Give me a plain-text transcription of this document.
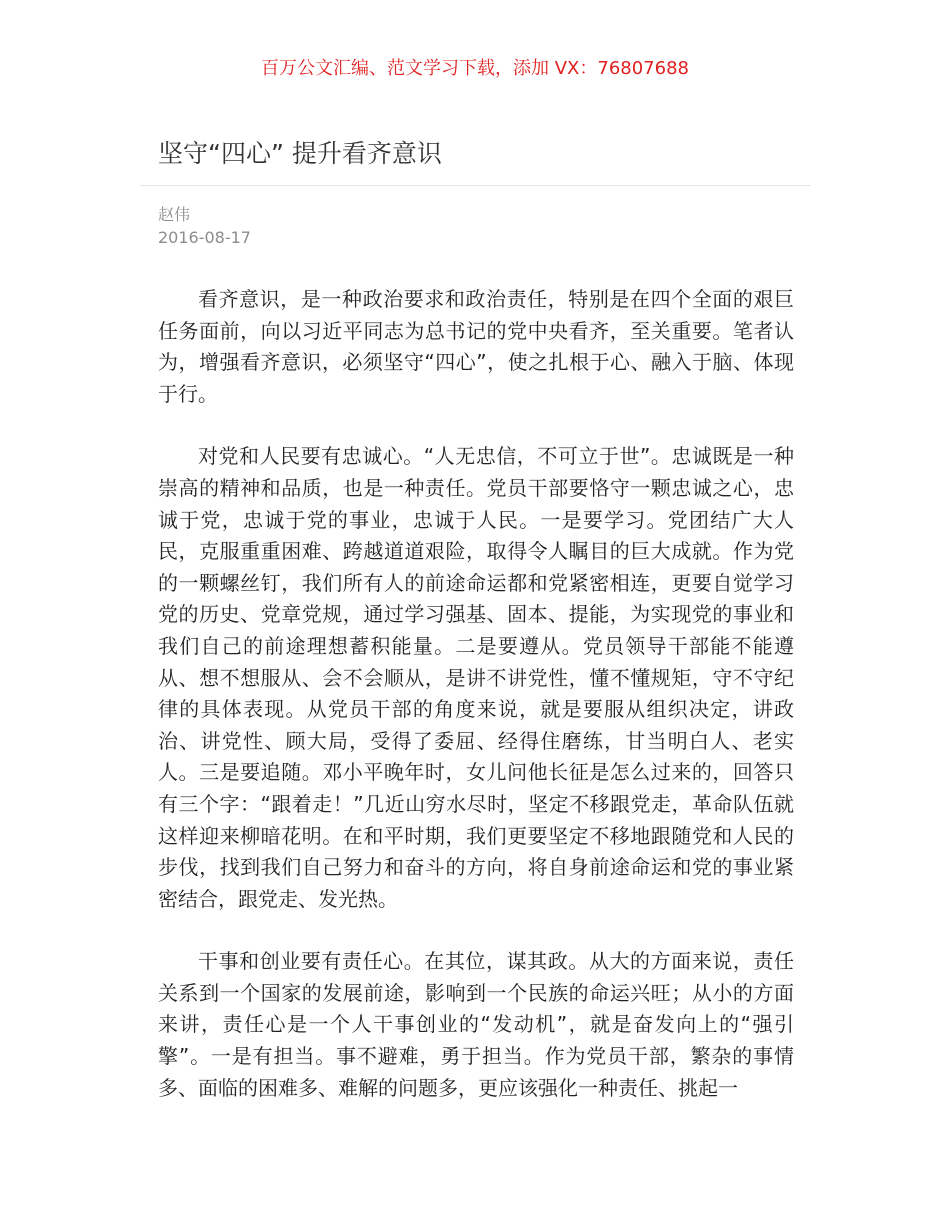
百万公文汇编、范文学习下载，添加 VX：76807688
坚守“四心” 提升看齐意识
赵伟
2016-08-17

看齐意识，是一种政治要求和政治责任，特别是在四个全面的艰巨任务面前，向以习近平同志为总书记的党中央看齐，至关重要。笔者认为，增强看齐意识，必须坚守“四心”，使之扎根于心、融入于脑、体现于行。

对党和人民要有忠诚心。“人无忠信，不可立于世”。忠诚既是一种崇高的精神和品质，也是一种责任。党员干部要恪守一颗忠诚之心，忠诚于党，忠诚于党的事业，忠诚于人民。一是要学习。党团结广大人民，克服重重困难、跨越道道艰险，取得令人瞩目的巨大成就。作为党的一颗螺丝钉，我们所有人的前途命运都和党紧密相连，更要自觉学习党的历史、党章党规，通过学习强基、固本、提能，为实现党的事业和我们自己的前途理想蓄积能量。二是要遵从。党员领导干部能不能遵从、想不想服从、会不会顺从，是讲不讲党性，懂不懂规矩，守不守纪律的具体表现。从党员干部的角度来说，就是要服从组织决定，讲政治、讲党性、顾大局，受得了委屈、经得住磨练，甘当明白人、老实人。三是要追随。邓小平晚年时，女儿问他长征是怎么过来的，回答只有三个字：“跟着走！”几近山穷水尽时，坚定不移跟党走，革命队伍就这样迎来柳暗花明。在和平时期，我们更要坚定不移地跟随党和人民的步伐，找到我们自己努力和奋斗的方向，将自身前途命运和党的事业紧密结合，跟党走、发光热。

干事和创业要有责任心。在其位，谋其政。从大的方面来说，责任关系到一个国家的发展前途，影响到一个民族的命运兴旺；从小的方面来讲，责任心是一个人干事创业的“发动机”，就是奋发向上的“强引擎”。一是有担当。事不避难，勇于担当。作为党员干部，繁杂的事情多、面临的困难多、难解的问题多，更应该强化一种责任、挑起一
